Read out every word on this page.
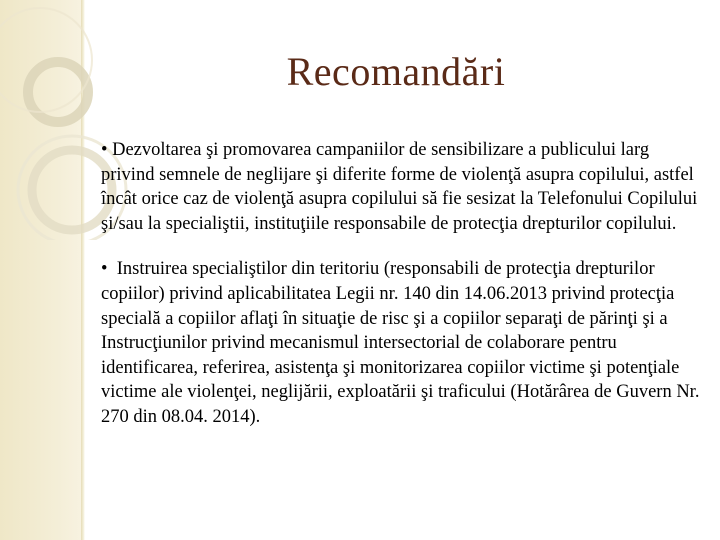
Recomandări

• Dezvoltarea şi promovarea campaniilor de sensibilizare a publicului larg privind semnele de neglijare şi diferite forme de violenţă asupra copilului, astfel încât orice caz de violenţă asupra copilului să fie sesizat la Telefonului Copilului şi/sau la specialiştii, instituţiile responsabile de protecţia drepturilor copilului.

• Instruirea specialiştilor din teritoriu (responsabili de protecţia drepturilor copiilor) privind aplicabilitatea Legii nr. 140 din 14.06.2013 privind protecţia specială a copiilor aflaţi în situaţie de risc şi a copiilor separaţi de părinţi şi a Instrucţiunilor privind mecanismul intersectorial de colaborare pentru identificarea, referirea, asistenţa şi monitorizarea copiilor victime şi potenţiale victime ale violenţei, neglijării, exploatării şi traficului (Hotărârea de Guvern Nr. 270 din 08.04. 2014).
